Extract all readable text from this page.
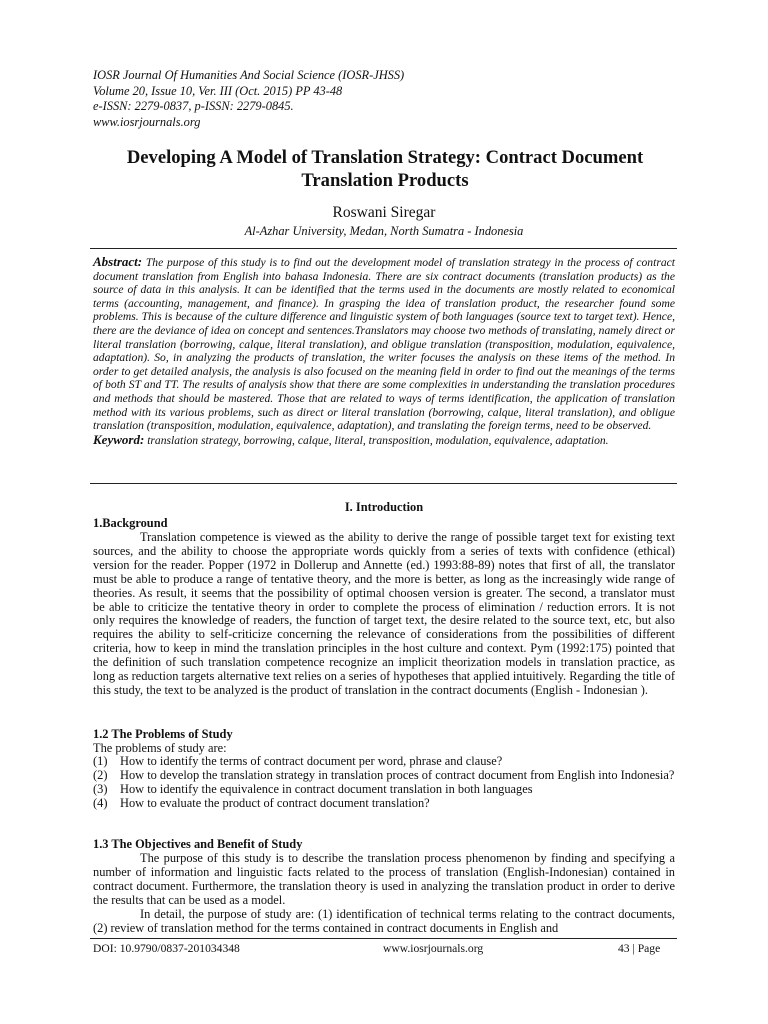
IOSR Journal Of Humanities And Social Science (IOSR-JHSS)
Volume 20, Issue 10, Ver. III (Oct. 2015) PP 43-48
e-ISSN: 2279-0837, p-ISSN: 2279-0845.
www.iosrjournals.org
Developing A Model of Translation Strategy: Contract Document Translation Products
Roswani Siregar
Al-Azhar University, Medan, North Sumatra - Indonesia
Abstract: The purpose of this study is to find out the development model of translation strategy in the process of contract document translation from English into bahasa Indonesia. There are six contract documents (translation products) as the source of data in this analysis. It can be identified that the terms used in the documents are mostly related to economical terms (accounting, management, and finance). In grasping the idea of translation product, the researcher found some problems. This is because of the culture difference and linguistic system of both languages (source text to target text). Hence, there are the deviance of idea on concept and sentences.Translators may choose two methods of translating, namely direct or literal translation (borrowing, calque, literal translation), and obligue translation (transposition, modulation, equivalence, adaptation). So, in analyzing the products of translation, the writer focuses the analysis on these items of the method. In order to get detailed analysis, the analysis is also focused on the meaning field in order to find out the meanings of the terms of both ST and TT. The results of analysis show that there are some complexities in understanding the translation procedures and methods that should be mastered. Those that are related to ways of terms identification, the application of translation method with its various problems, such as direct or literal translation (borrowing, calque, literal translation), and obligue translation (transposition, modulation, equivalence, adaptation), and translating the foreign terms, need to be observed.
Keyword: translation strategy, borrowing, calque, literal, transposition, modulation, equivalence, adaptation.
I. Introduction
1.Background
Translation competence is viewed as the ability to derive the range of possible target text for existing text sources, and the ability to choose the appropriate words quickly from a series of texts with confidence (ethical) version for the reader. Popper (1972 in Dollerup and Annette (ed.) 1993:88-89) notes that first of all, the translator must be able to produce a range of tentative theory, and the more is better, as long as the increasingly wide range of theories. As result, it seems that the possibility of optimal choosen version is greater. The second, a translator must be able to criticize the tentative theory in order to complete the process of elimination / reduction errors. It is not only requires the knowledge of readers, the function of target text, the desire related to the source text, etc, but also requires the ability to self-criticize concerning the relevance of considerations from the possibilities of different criteria, how to keep in mind the translation principles in the host culture and context. Pym (1992:175) pointed that the definition of such translation competence recognize an implicit theorization models in translation practice, as long as reduction targets alternative text relies on a series of hypotheses that applied intuitively. Regarding the title of this study, the text to be analyzed is the product of translation in the contract documents (English - Indonesian ).
1.2 The Problems of Study
The problems of study are:
(1)	How to identify the terms of contract document per word, phrase and clause?
(2)	How to develop the translation strategy in translation proces of contract document from English into Indonesia?
(3)	How to identify the equivalence in contract document translation in both languages
(4)	How to evaluate the product of contract document translation?
1.3 The Objectives and Benefit of Study
The purpose of this study is to describe the translation process phenomenon by finding and specifying a number of information and linguistic facts related to the process of translation (English-Indonesian) contained in contract document. Furthermore, the translation theory is used in analyzing the translation product in order to derive the results that can be used as a model.
In detail, the purpose of study are: (1) identification of technical terms relating to the contract documents, (2) review of translation method for the terms contained in contract documents in English and
DOI: 10.9790/0837-201034348	www.iosrjournals.org	43 | Page
